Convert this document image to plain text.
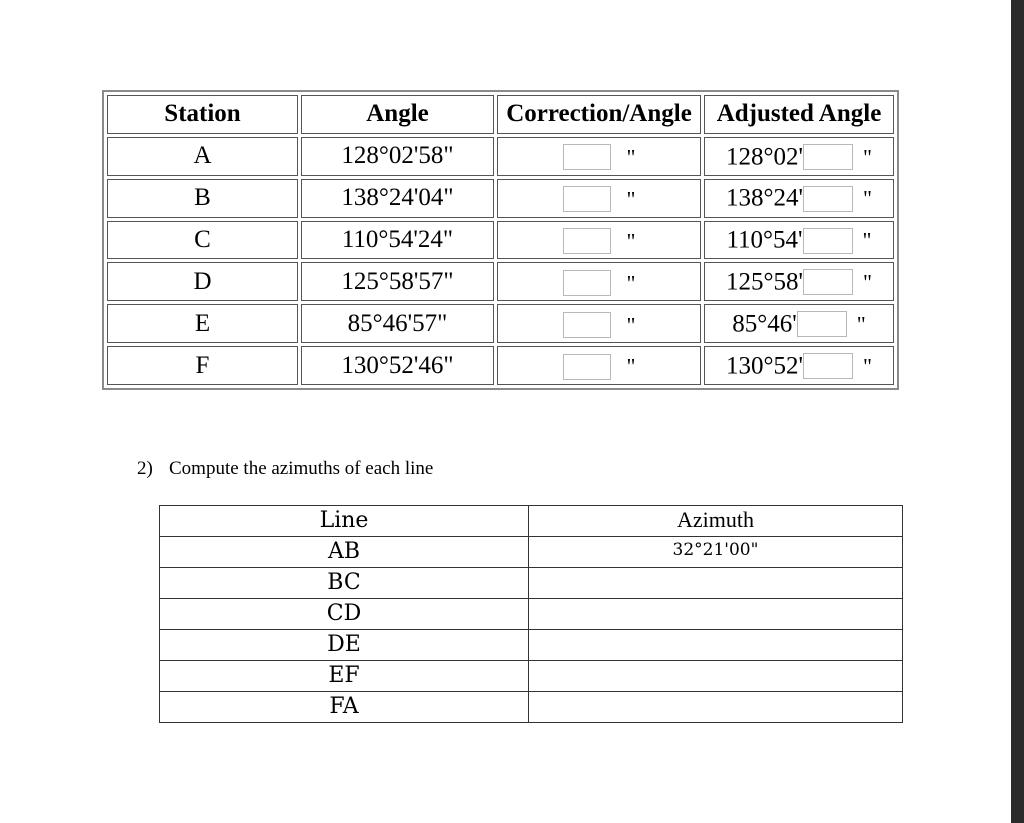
Station	Angle	Correction/Angle	Adjusted Angle
A	128°02'58"	"	128°02' "
B	138°24'04"	"	138°24' "
C	110°54'24"	"	110°54' "
D	125°58'57"	"	125°58' "
E	85°46'57"	"	85°46' "
F	130°52'46"	"	130°52' "
2) Compute the azimuths of each line
Line	Azimuth
AB	32°21'00"
BC	
CD	
DE	
EF	
FA	
